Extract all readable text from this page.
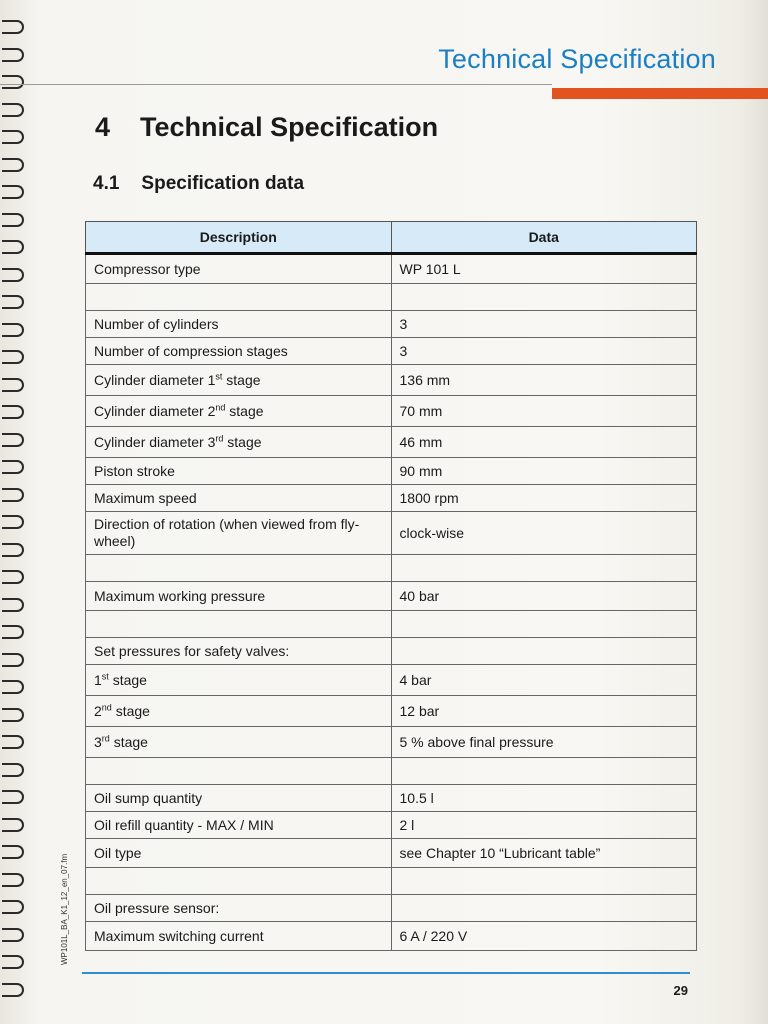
Technical Specification
4 Technical Specification
4.1 Specification data
Description	Data
Compressor type	WP 101 L

Number of cylinders	3
Number of compression stages	3
Cylinder diameter 1st stage	136 mm
Cylinder diameter 2nd stage	70 mm
Cylinder diameter 3rd stage	46 mm
Piston stroke	90 mm
Maximum speed	1800 rpm
Direction of rotation (when viewed from fly-wheel)	clock-wise

Maximum working pressure	40 bar

Set pressures for safety valves:	
1st stage	4 bar
2nd stage	12 bar
3rd stage	5 % above final pressure

Oil sump quantity	10.5 l
Oil refill quantity - MAX / MIN	2 l
Oil type	see Chapter 10 “Lubricant table”

Oil pressure sensor:	
Maximum switching current	6 A / 220 V
WP101L_BA_K1_12_en_07.fm
29
